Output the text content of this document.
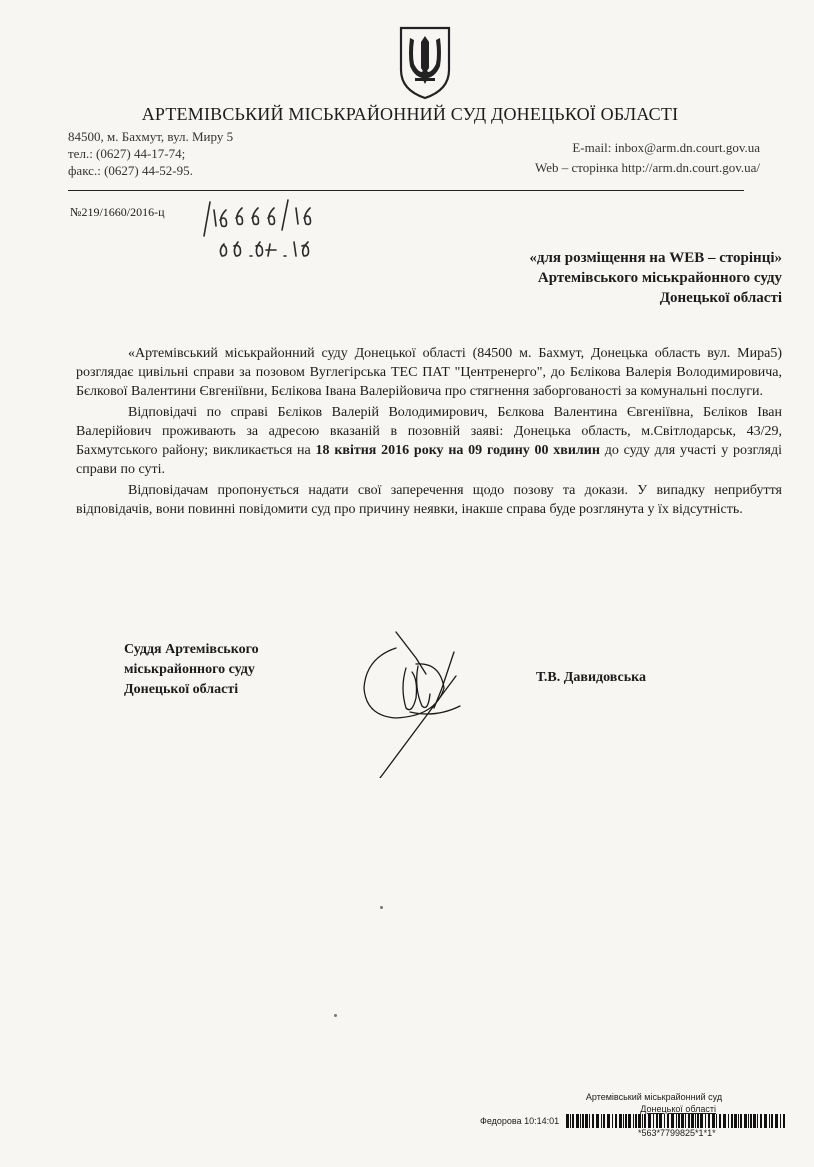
АРТЕМІВСЬКИЙ МІСЬКРАЙОННИЙ СУД ДОНЕЦЬКОЇ ОБЛАСТІ
84500, м. Бахмут, вул. Миру 5
тел.: (0627) 44-17-74;
факс.: (0627) 44-52-95.
E-mail: inbox@arm.dn.court.gov.ua
Web – сторінка http://arm.dn.court.gov.ua/
№219/1660/2016-ц
«для розміщення на WEB – сторінці»
Артемівського міськрайонного суду
Донецької області

«Артемівський міськрайонний суду Донецької області (84500 м. Бахмут, Донецька область вул. Мира5) розглядає цивільні справи за позовом Вуглегірська ТЕС ПАТ "Центренерго", до Бєлікова Валерія Володимировича, Бєлкової Валентини Євгеніївни, Бєлікова Івана Валерійовича про стягнення заборгованості за комунальні послуги.

Відповідачі по справі Бєліков Валерій Володимирович, Бєлкова Валентина Євгеніївна, Бєліков Іван Валерійович проживають за адресою вказаній в позовній заяві: Донецька область, м.Світлодарськ, 43/29, Бахмутського району; викликається на 18 квітня 2016 року на 09 годину 00 хвилин до суду для участі у розгляді справи по суті.

Відповідачам пропонується надати свої заперечення щодо позову та докази. У випадку неприбуття відповідачів, вони повинні повідомити суд про причину неявки, інакше справа буде розглянута у їх відсутність.

Суддя Артемівського
міськрайонного суду
Донецької області
Т.В. Давидовська
Артемівський міськрайонний суд
Донецької області
Федорова 10:14:01
*563*7799825*1*1*
